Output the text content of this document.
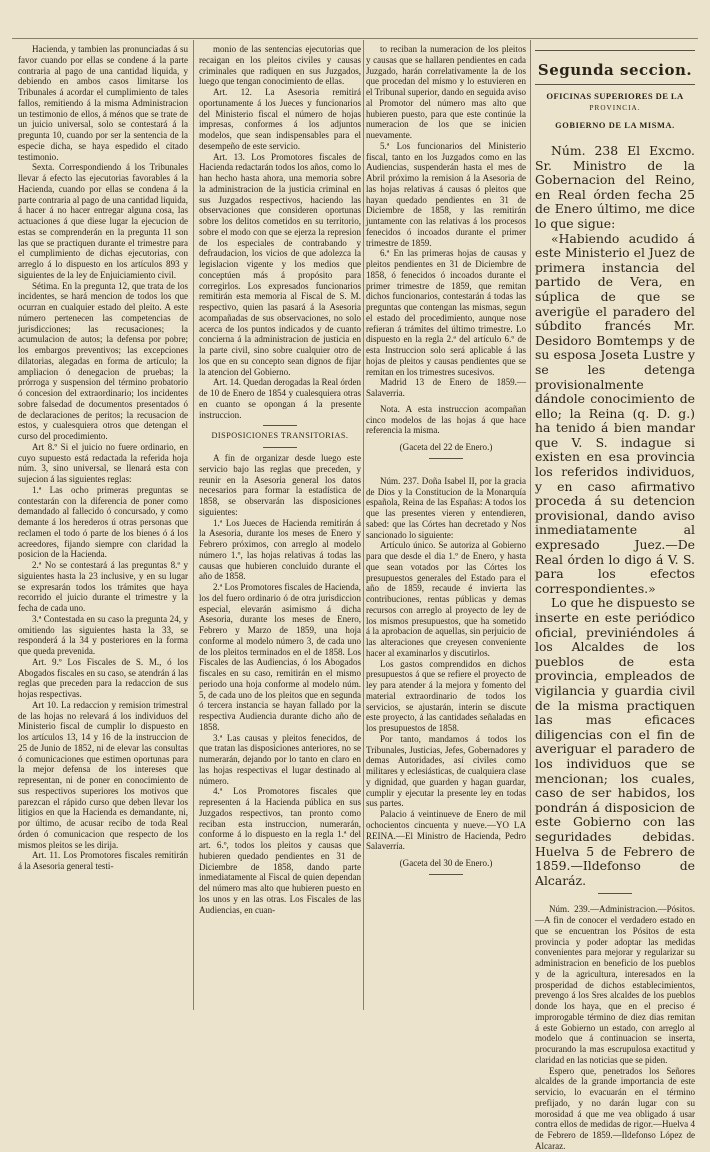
Hacienda, y tambien las pronunciadas á su favor cuando por ellas se condene á la parte contraria al pago de una cantidad liquida, y debiendo en ambos casos limitarse los Tribunales á acordar el cumplimiento de tales fallos, remitiendo á la misma Administracion un testimonio de ellos, á ménos que se trate de un juicio universal, solo se contestará á la pregunta 10, cuando por ser la sentencia de la especie dicha, se haya espedido el citado testimonio.

Sexta. Correspondiendo á los Tribunales llevar á efecto las ejecutorias favorables á la Hacienda, cuando por ellas se condena á la parte contraria al pago de una cantidad liquida, á hacer á no hacer entregar alguna cosa, las actuaciones á que diese lugar la ejecucion de estas se comprenderán en la pregunta 11 son las que se practiquen durante el trimestre para el cumplimiento de dichas ejecutorias, con arreglo á lo dispuesto en los artículos 893 y siguientes de la ley de Enjuiciamiento civil.

Sétima. En la pregunta 12, que trata de los incidentes, se hará mencion de todos los que ocurran en cualquier estado del pleito. A este número pertenecen las competencias de jurisdicciones; las recusaciones; la acumulacion de autos; la defensa por pobre; los embargos preventivos; las excepciones dilatorias, alegadas en forma de artículo; la ampliacion ó denegacion de pruebas; la prórroga y suspension del término probatorio ó concesion del extraordinario; los incidentes sobre falsedad de documentos presentados ó de declaraciones de peritos; la recusacion de estos, y cualesquiera otros que detengan el curso del procedimiento.

Art 8.º Si el juicio no fuere ordinario, en cuyo supuesto está redactada la referida hoja núm. 3, sino universal, se llenará esta con sujecion á las siguientes reglas:

1.ª Las ocho primeras preguntas se contestarán con la diferencia de poner como demandado al fallecido ó concursado, y como demante á los herederos ú otras personas que reclamen el todo ó parte de los bienes ó á los acreedores, fijando siempre con claridad la posicion de la Hacienda.

2.ª No se contestará á las preguntas 8.ª y siguientes hasta la 23 inclusive, y en su lugar se expresarán todos los trámites que haya recorrido el juicio durante el trimestre y la fecha de cada uno.

3.ª Contestada en su caso la pregunta 24, y omitiendo las siguientes hasta la 33, se responderá á la 34 y posteriores en la forma que queda prevenida.

Art. 9.º Los Fiscales de S. M., ó los Abogados fiscales en su caso, se atendrán á las reglas que preceden para la redaccion de sus hojas respectivas.

Art 10. La redaccion y remision trimestral de las hojas no relevará á los individuos del Ministerio fiscal de cumplir lo dispuesto en los artículos 13, 14 y 16 de la instruccion de 25 de Junio de 1852, ni de elevar las consultas ó comunicaciones que estimen oportunas para la mejor defensa de los intereses que representan, ni de poner en conocimiento de sus respectivos superiores los motivos que parezcan el rápido curso que deben llevar los litigios en que la Hacienda es demandante, ni, por último, de acusar recibo de toda Real órden ó comunicacion que respecto de los mismos pleitos se les dirija.

Art. 11. Los Promotores fiscales remitirán á la Asesoria general testi-

monio de las sentencias ejecutorias que recaigan en los pleitos civiles y causas criminales que radiquen en sus Juzgados, luego que tengan conocimiento de ellas.

Art. 12. La Asesoria remitirá oportunamente á los Jueces y funcionarios del Ministerio fiscal el número de hojas impresas, conformes á los adjuntos modelos, que sean indispensables para el desempeño de este servicio.

Art. 13. Los Promotores fiscales de Hacienda redactarán todos los años, como lo han hecho hasta ahora, una memoria sobre la administracion de la justicia criminal en sus Juzgados respectivos, haciendo las observaciones que consideren oportunas sobre los delitos cometidos en su territorio, sobre el modo con que se ejerza la represion de los especiales de contrabando y defraudacion, los vicios de que adolezca la legislacion vigente y los medios que conceptúen más á propósito para corregirlos. Los expresados funcionarios remitirán esta memoria al Fiscal de S. M. respectivo, quien las pasará á la Asesoria acompañadas de sus observaciones, no solo acerca de los puntos indicados y de cuanto concierna á la administracion de justicia en la parte civil, sino sobre cualquier otro de los que en su concepto sean dignos de fijar la atencion del Gobierno.

Art. 14. Quedan derogadas la Real órden de 10 de Enero de 1854 y cualesquiera otras en cuanto se opongan á la presente instruccion.

DISPOSICIONES TRANSITORIAS.

A fin de organizar desde luego este servicio bajo las reglas que preceden, y reunir en la Asesoria general los datos necesarios para formar la estadística de 1858, se observarán las disposiciones siguientes:

1.ª Los Jueces de Hacienda remitirán á la Asesoria, durante los meses de Enero y Febrero próximos, con arreglo al modelo número 1.º, las hojas relativas á todas las causas que hubieren concluido durante el año de 1858.

2.ª Los Promotores fiscales de Hacienda, los del fuero ordinario ó de otra jurisdiccion especial, elevarán asimismo á dicha Asesoria, durante los meses de Enero, Febrero y Marzo de 1859, una hoja conforme al modelo número 3, de cada uno de los pleitos terminados en el de 1858. Los Fiscales de las Audiencias, ó los Abogados fiscales en su caso, remitirán en el mismo periodo una hoja conforme al modelo núm. 5, de cada uno de los pleitos que en segunda ó tercera instancia se hayan fallado por la respectiva Audiencia durante dicho año de 1858.

3.ª Las causas y pleitos fenecidos, de que tratan las disposiciones anteriores, no se numerarán, dejando por lo tanto en claro en las hojas respectivas el lugar destinado al número.

4.ª Los Promotores fiscales que representen á la Hacienda pública en sus Juzgados respectivos, tan pronto como reciban esta instruccion, numerarán, conforme á lo dispuesto en la regla 1.ª del art. 6.º, todos los pleitos y causas que hubieren quedado pendientes en 31 de Diciembre de 1858, dando parte inmediatamente al Fiscal de quien dependan del número mas alto que hubieren puesto en los unos y en las otras. Los Fiscales de las Audiencias, en cuan-

to reciban la numeracion de los pleitos y causas que se hallaren pendientes en cada Juzgado, harán correlativamente la de los que procedan del mismo y lo estuvieren en el Tribunal superior, dando en seguida aviso al Promotor del número mas alto que hubieren puesto, para que este continúe la numeracion de los que se inicien nuevamente.

5.ª Los funcionarios del Ministerio fiscal, tanto en los Juzgados como en las Audiencias, suspenderán hasta el mes de Abril próximo la remision á la Asesoria de las hojas relativas á causas ó pleitos que hayan quedado pendientes en 31 de Diciembre de 1858, y las remitirán juntamente con las relativas á los procesos fenecidos ó incoados durante el primer trimestre de 1859.

6.ª En las primeras hojas de causas y pleitos pendientes en 31 de Diciembre de 1858, ó fenecidos ó incoados durante el primer trimestre de 1859, que remitan dichos funcionarios, contestarán á todas las preguntas que contengan las mismas, segun el estado del procedimiento, aunque nose refieran á trámites del último trimestre. Lo dispuesto en la regla 2.ª del artículo 6.º de esta Instruccion solo será aplicable á las hojas de pleitos y causas pendientes que se remitan en los trimestres sucesivos.

Madrid 13 de Enero de 1859.—Salaverria.

Nota. A esta instruccion acompañan cinco modelos de las hojas á que hace referencia la misma.

(Gaceta del 22 de Enero.)

Núm. 237. Doña Isabel II, por la gracia de Dios y la Constitucion de la Monarquía española, Reina de las Españas: A todos los que las presentes vieren y entendieren, sabed: que las Córtes han decretado y Nos sancionado lo siguiente:

Artículo único. Se autoriza al Gobierno para que desde el dia 1.º de Enero, y hasta que sean votados por las Córtes los presupuestos generales del Estado para el año de 1859, recaude é invierta las contribuciones, rentas públicas y demas recursos con arreglo al proyecto de ley de los mismos presupuestos, que ha sometido á la aprobacion de aquellas, sin perjuicio de las alteraciones que creyesen conveniente hacer al examinarlos y discutirlos.

Los gastos comprendidos en dichos presupuestos á que se refiere el proyecto de ley para atender á la mejora y fomento del material extraordinario de todos los servicios, se ajustarán, interin se discute este proyecto, á las cantidades señaladas en los presupuestos de 1858.

Por tanto, mandamos á todos los Tribunales, Justicias, Jefes, Gobernadores y demas Autoridades, así civiles como militares y eclesiásticas, de cualquiera clase y dignidad, que guarden y hagan guardar, cumplir y ejecutar la presente ley en todas sus partes.

Palacio á veintinueve de Enero de mil ochocientos cincuenta y nueve.—YO LA REINA.—El Ministro de Hacienda, Pedro Salaverría.

(Gaceta del 30 de Enero.)

Segunda seccion.

OFICINAS SUPERIORES DE LA

PROVINCIA.

GOBIERNO DE LA MISMA.

Núm. 238 El Excmo. Sr. Ministro de la Gobernacion del Reino, en Real órden fecha 25 de Enero último, me dice lo que sigue:

«Habiendo acudido á este Ministerio el Juez de primera instancia del partido de Vera, en súplica de que se averigüe el paradero del súbdito francés Mr. Desidoro Bomtemps y de su esposa Joseta Lustre y se les detenga provisionalmente dándole conocimiento de ello; la Reina (q. D. g.) ha tenido á bien mandar que V. S. indague si existen en esa provincia los referidos individuos, y en caso afirmativo proceda á su detencion provisional, dando aviso inmediatamente al expresado Juez.—De Real órden lo digo á V. S. para los efectos correspondientes.»

Lo que he dispuesto se inserte en este periódico oficial, previniéndoles á los Alcaldes de los pueblos de esta provincia, empleados de vigilancia y guardia civil de la misma practiquen las mas eficaces diligencias con el fin de averiguar el paradero de los individuos que se mencionan; los cuales, caso de ser habidos, los pondrán á disposicion de este Gobierno con las seguridades debidas. Huelva 5 de Febrero de 1859.—Ildefonso de Alcaráz.

Núm. 239.—Administracion.—Pósitos.—A fin de conocer el verdadero estado en que se encuentran los Pósitos de esta provincia y poder adoptar las medidas convenientes para mejorar y regularizar su administracion en beneficio de los pueblos y de la agricultura, interesados en la prosperidad de dichos establecimientos, prevengo á los Sres alcaldes de los pueblos donde los haya, que en el preciso é improrogable término de diez dias remitan á este Gobierno un estado, con arreglo al modelo que á continuacion se inserta, procurando la mas escrupulosa exactitud y claridad en las noticias que se piden.

Espero que, penetrados los Señores alcaldes de la grande importancia de este servicio, lo evacuarán en el término prefijado, y no darán lugar con su morosidad á que me vea obligado á usar contra ellos de medidas de rigor.—Huelva 4 de Febrero de 1859.—Ildefonso López de Alcaraz.
